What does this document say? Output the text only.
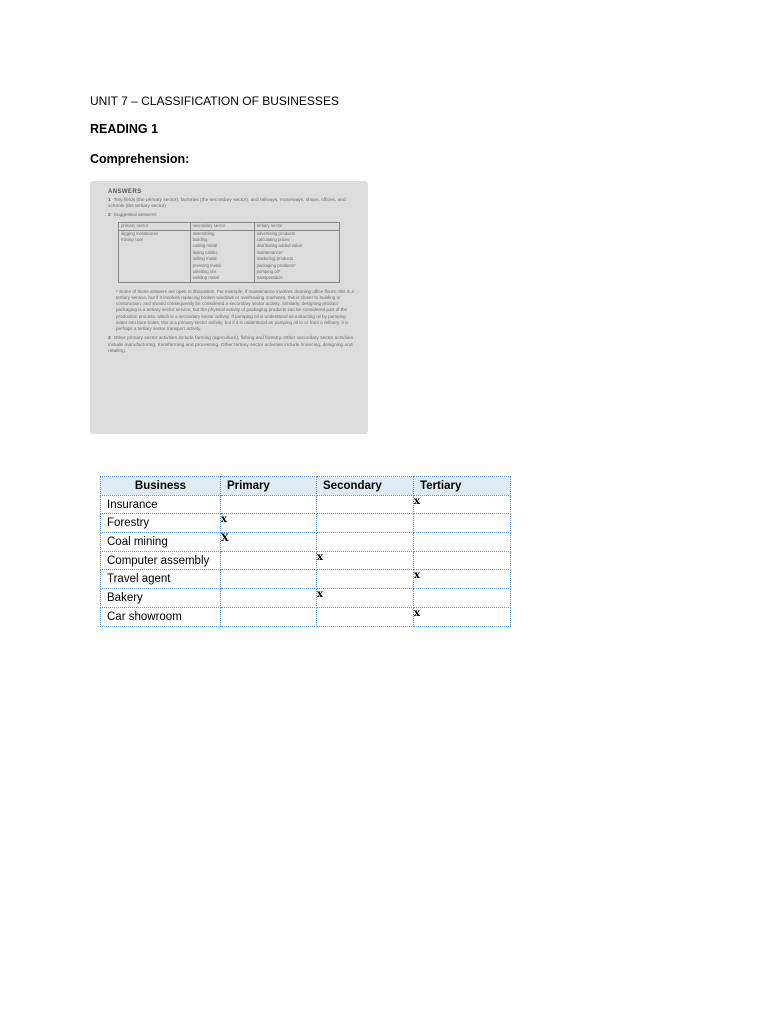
UNIT 7 – CLASSIFICATION OF BUSINESSES
READING 1
Comprehension:
ANSWERS

1 Tiny fields (the primary sector), factories (the secondary sector), and railways, motorways, shops, offices, and schools (the tertiary sector)

2 Suggested answers:

primary sector	secondary sector	tertiary sector
digging metals/ores	assembling	advertising products
mining coal	building	calculating prices
	cutting metal	distributing added value
	laying cables	maintenance*
	milling metal	marketing products
	pressing metal	packaging products*
	smelting ore	pumping oil*
	welding metal	transportation

* Some of these answers are open to discussion. For example, if maintenance involves cleaning office floors, this is a tertiary service, but if it involves replacing broken windows or overhauling machines, this is closer to building or construction, and should consequently be considered a secondary sector activity. Similarly, designing product packaging is a tertiary sector service, but the physical activity of packaging products can be considered part of the production process, which is a secondary sector activity. If pumping oil is understood as extracting oil by pumping water into bore holes, this is a primary sector activity, but if it is understood as pumping oil to or from a refinery, it is perhaps a tertiary sector transport activity.

3 Other primary sector activities include farming (agriculture), fishing and forestry. Other secondary sector activities include manufacturing, transforming and processing. Other tertiary sector activities include financing, designing and retailing.

Business	Primary	Secondary	Tertiary
Insurance			x
Forestry	x		
Coal mining	X		
Computer assembly		x	
Travel agent			x
Bakery		x	
Car showroom			x
